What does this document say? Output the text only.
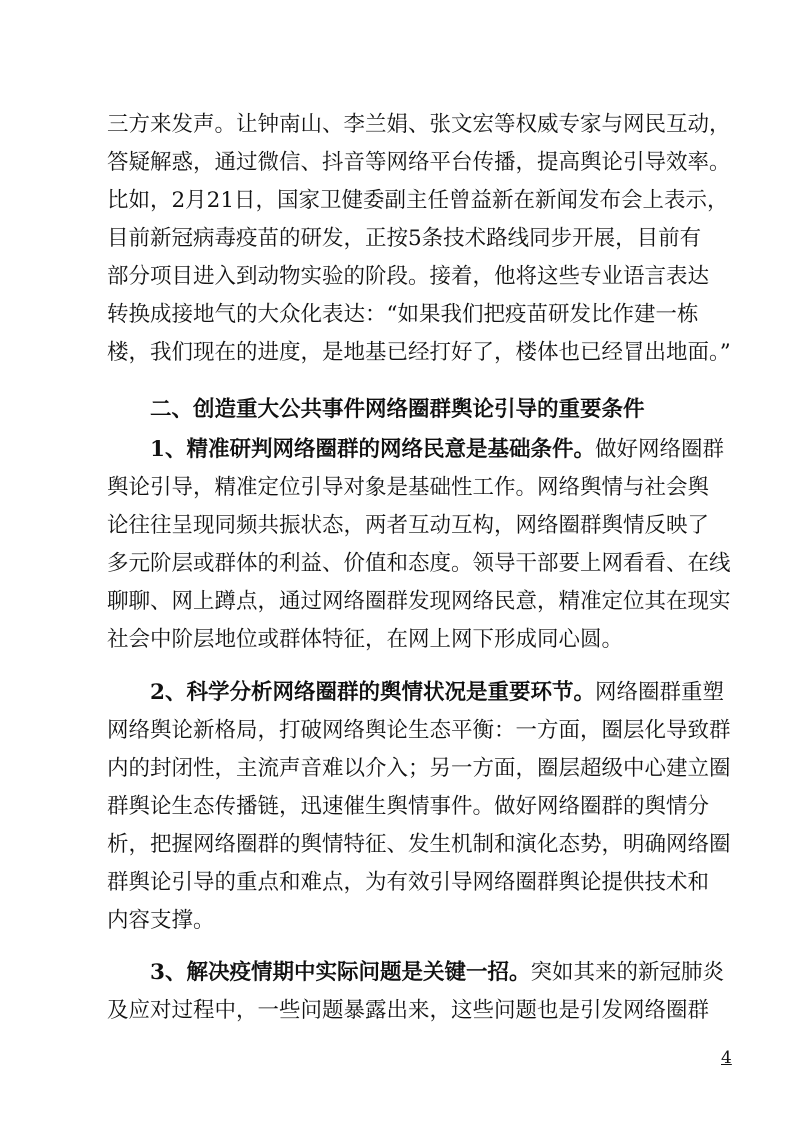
三方来发声。让钟南山、李兰娟、张文宏等权威专家与网民互动，
答疑解惑，通过微信、抖音等网络平台传播，提高舆论引导效率。
比如，2月21日，国家卫健委副主任曾益新在新闻发布会上表示，
目前新冠病毒疫苗的研发，正按5条技术路线同步开展，目前有
部分项目进入到动物实验的阶段。接着，他将这些专业语言表达
转换成接地气的大众化表达：“如果我们把疫苗研发比作建一栋
楼，我们现在的进度，是地基已经打好了，楼体也已经冒出地面。”
二、创造重大公共事件网络圈群舆论引导的重要条件
1、精准研判网络圈群的网络民意是基础条件。做好网络圈群
舆论引导，精准定位引导对象是基础性工作。网络舆情与社会舆
论往往呈现同频共振状态，两者互动互构，网络圈群舆情反映了
多元阶层或群体的利益、价值和态度。领导干部要上网看看、在线
聊聊、网上蹲点，通过网络圈群发现网络民意，精准定位其在现实
社会中阶层地位或群体特征，在网上网下形成同心圆。
2、科学分析网络圈群的舆情状况是重要环节。网络圈群重塑
网络舆论新格局，打破网络舆论生态平衡：一方面，圈层化导致群
内的封闭性，主流声音难以介入；另一方面，圈层超级中心建立圈
群舆论生态传播链，迅速催生舆情事件。做好网络圈群的舆情分
析，把握网络圈群的舆情特征、发生机制和演化态势，明确网络圈
群舆论引导的重点和难点，为有效引导网络圈群舆论提供技术和
内容支撑。
3、解决疫情期中实际问题是关键一招。突如其来的新冠肺炎
及应对过程中，一些问题暴露出来，这些问题也是引发网络圈群
4
